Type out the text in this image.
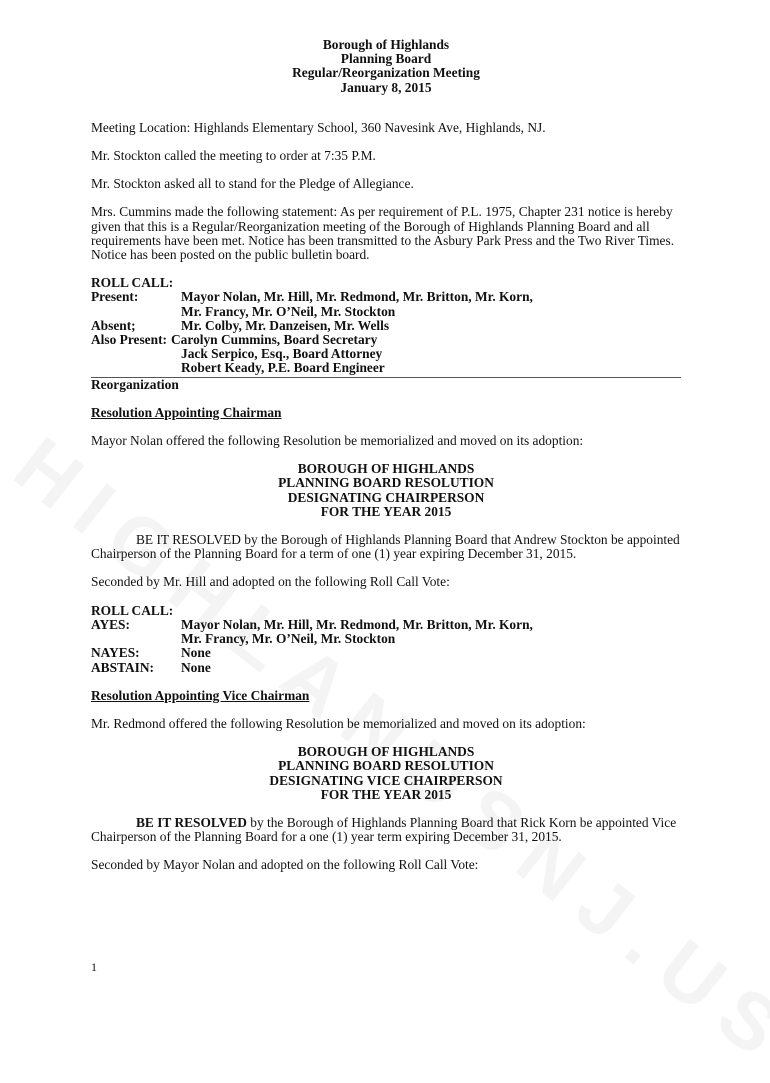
Borough of Highlands
Planning Board
Regular/Reorganization Meeting
January 8, 2015

Meeting Location: Highlands Elementary School, 360 Navesink Ave, Highlands, NJ.

Mr. Stockton called the meeting to order at 7:35 P.M.

Mr. Stockton asked all to stand for the Pledge of Allegiance.

Mrs. Cummins made the following statement: As per requirement of P.L. 1975, Chapter 231 notice is hereby given that this is a Regular/Reorganization meeting of the Borough of Highlands Planning Board and all requirements have been met. Notice has been transmitted to the Asbury Park Press and the Two River Times. Notice has been posted on the public bulletin board.

ROLL CALL:
Present:	Mayor Nolan, Mr. Hill, Mr. Redmond, Mr. Britton, Mr. Korn,
Mr. Francy, Mr. O’Neil, Mr. Stockton
Absent;	Mr. Colby, Mr. Danzeisen, Mr. Wells
Also Present: Carolyn Cummins, Board Secretary
Jack Serpico, Esq., Board Attorney
Robert Keady, P.E. Board Engineer
Reorganization
Resolution Appointing Chairman

Mayor Nolan offered the following Resolution be memorialized and moved on its adoption:

BOROUGH OF HIGHLANDS
PLANNING BOARD RESOLUTION
DESIGNATING CHAIRPERSON
FOR THE YEAR 2015

BE IT RESOLVED by the Borough of Highlands Planning Board that Andrew Stockton be appointed Chairperson of the Planning Board for a term of one (1) year expiring December 31, 2015.

Seconded by Mr. Hill and adopted on the following Roll Call Vote:

ROLL CALL:
AYES:	Mayor Nolan, Mr. Hill, Mr. Redmond, Mr. Britton, Mr. Korn,
Mr. Francy, Mr. O’Neil, Mr. Stockton
NAYES:	None
ABSTAIN:	None
Resolution Appointing Vice Chairman

Mr. Redmond offered the following Resolution be memorialized and moved on its adoption:

BOROUGH OF HIGHLANDS
PLANNING BOARD RESOLUTION
DESIGNATING VICE CHAIRPERSON
FOR THE YEAR 2015

BE IT RESOLVED by the Borough of Highlands Planning Board that Rick Korn be appointed Vice Chairperson of the Planning Board for a one (1) year term expiring December 31, 2015.

Seconded by Mayor Nolan and adopted on the following Roll Call Vote:

1
